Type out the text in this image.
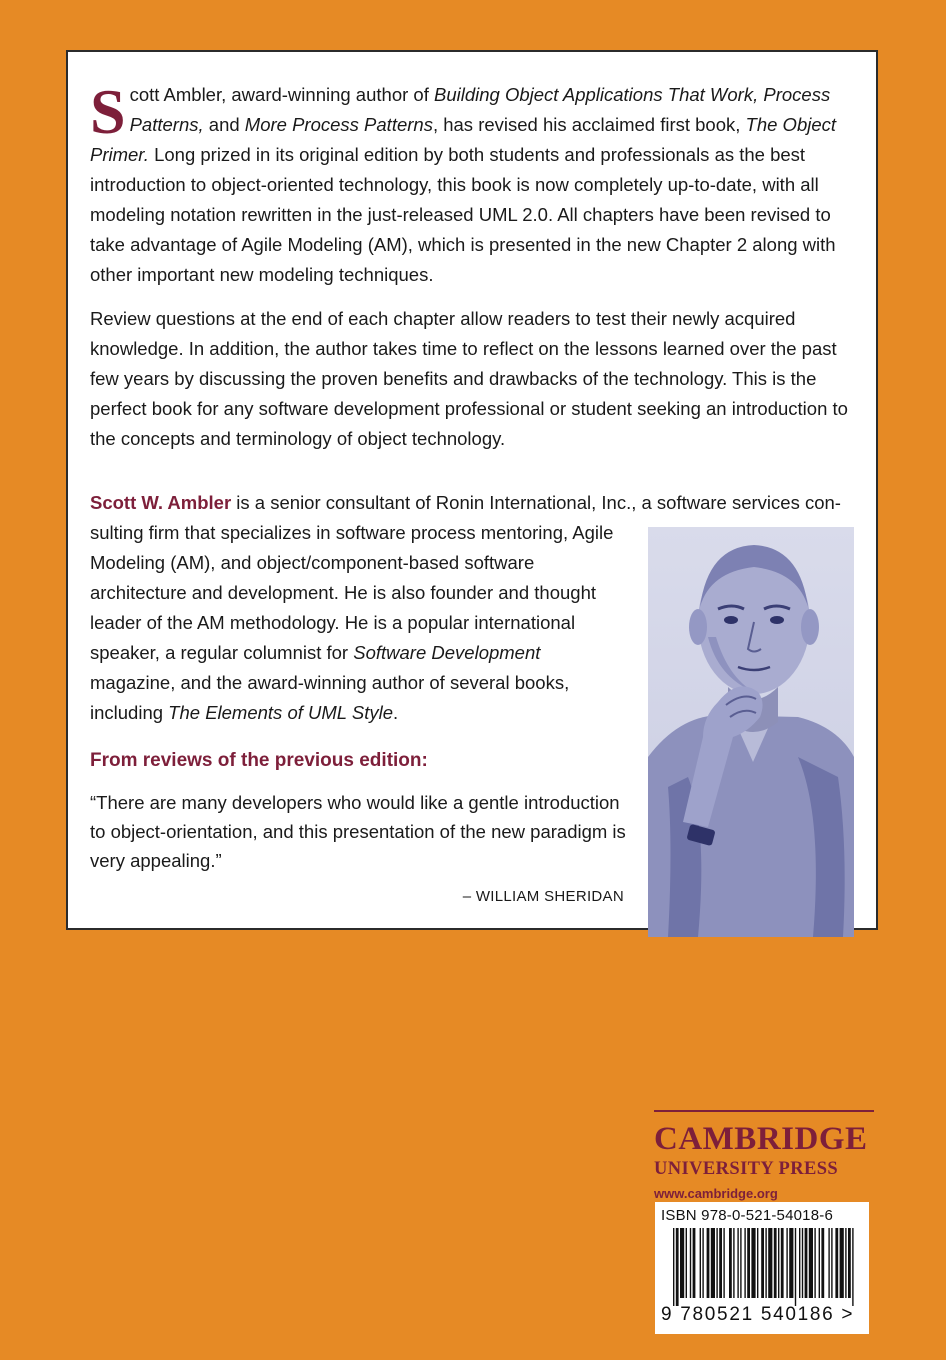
Scott Ambler, award-winning author of Building Object Applications That Work, Process Patterns, and More Process Patterns, has revised his acclaimed first book, The Object Primer. Long prized in its original edition by both students and professionals as the best introduction to object-oriented technology, this book is now completely up-to-date, with all modeling notation rewritten in the just-released UML 2.0. All chapters have been revised to take advantage of Agile Modeling (AM), which is presented in the new Chapter 2 along with other important new modeling techniques.

Review questions at the end of each chapter allow readers to test their newly acquired knowledge. In addition, the author takes time to reflect on the lessons learned over the past few years by discussing the proven benefits and drawbacks of the technology. This is the perfect book for any software development professional or student seeking an introduction to the concepts and terminology of object technology.

Scott W. Ambler is a senior consultant of Ronin International, Inc., a software services con-
sulting firm that specializes in software process mentoring, Agile Modeling (AM), and object/component-based software architecture and development. He is also founder and thought leader of the AM methodology. He is a popular international speaker, a regular columnist for Software Development magazine, and the award-winning author of several books, including The Elements of UML Style.
From reviews of the previous edition:

“There are many developers who would like a gentle introduction to object-orientation, and this presentation of the new paradigm is very appealing.”

– WILLIAM SHERIDAN
CAMBRIDGE
UNIVERSITY PRESS
www.cambridge.org
ISBN 978-0-521-54018-6
9 780521 540186 >
